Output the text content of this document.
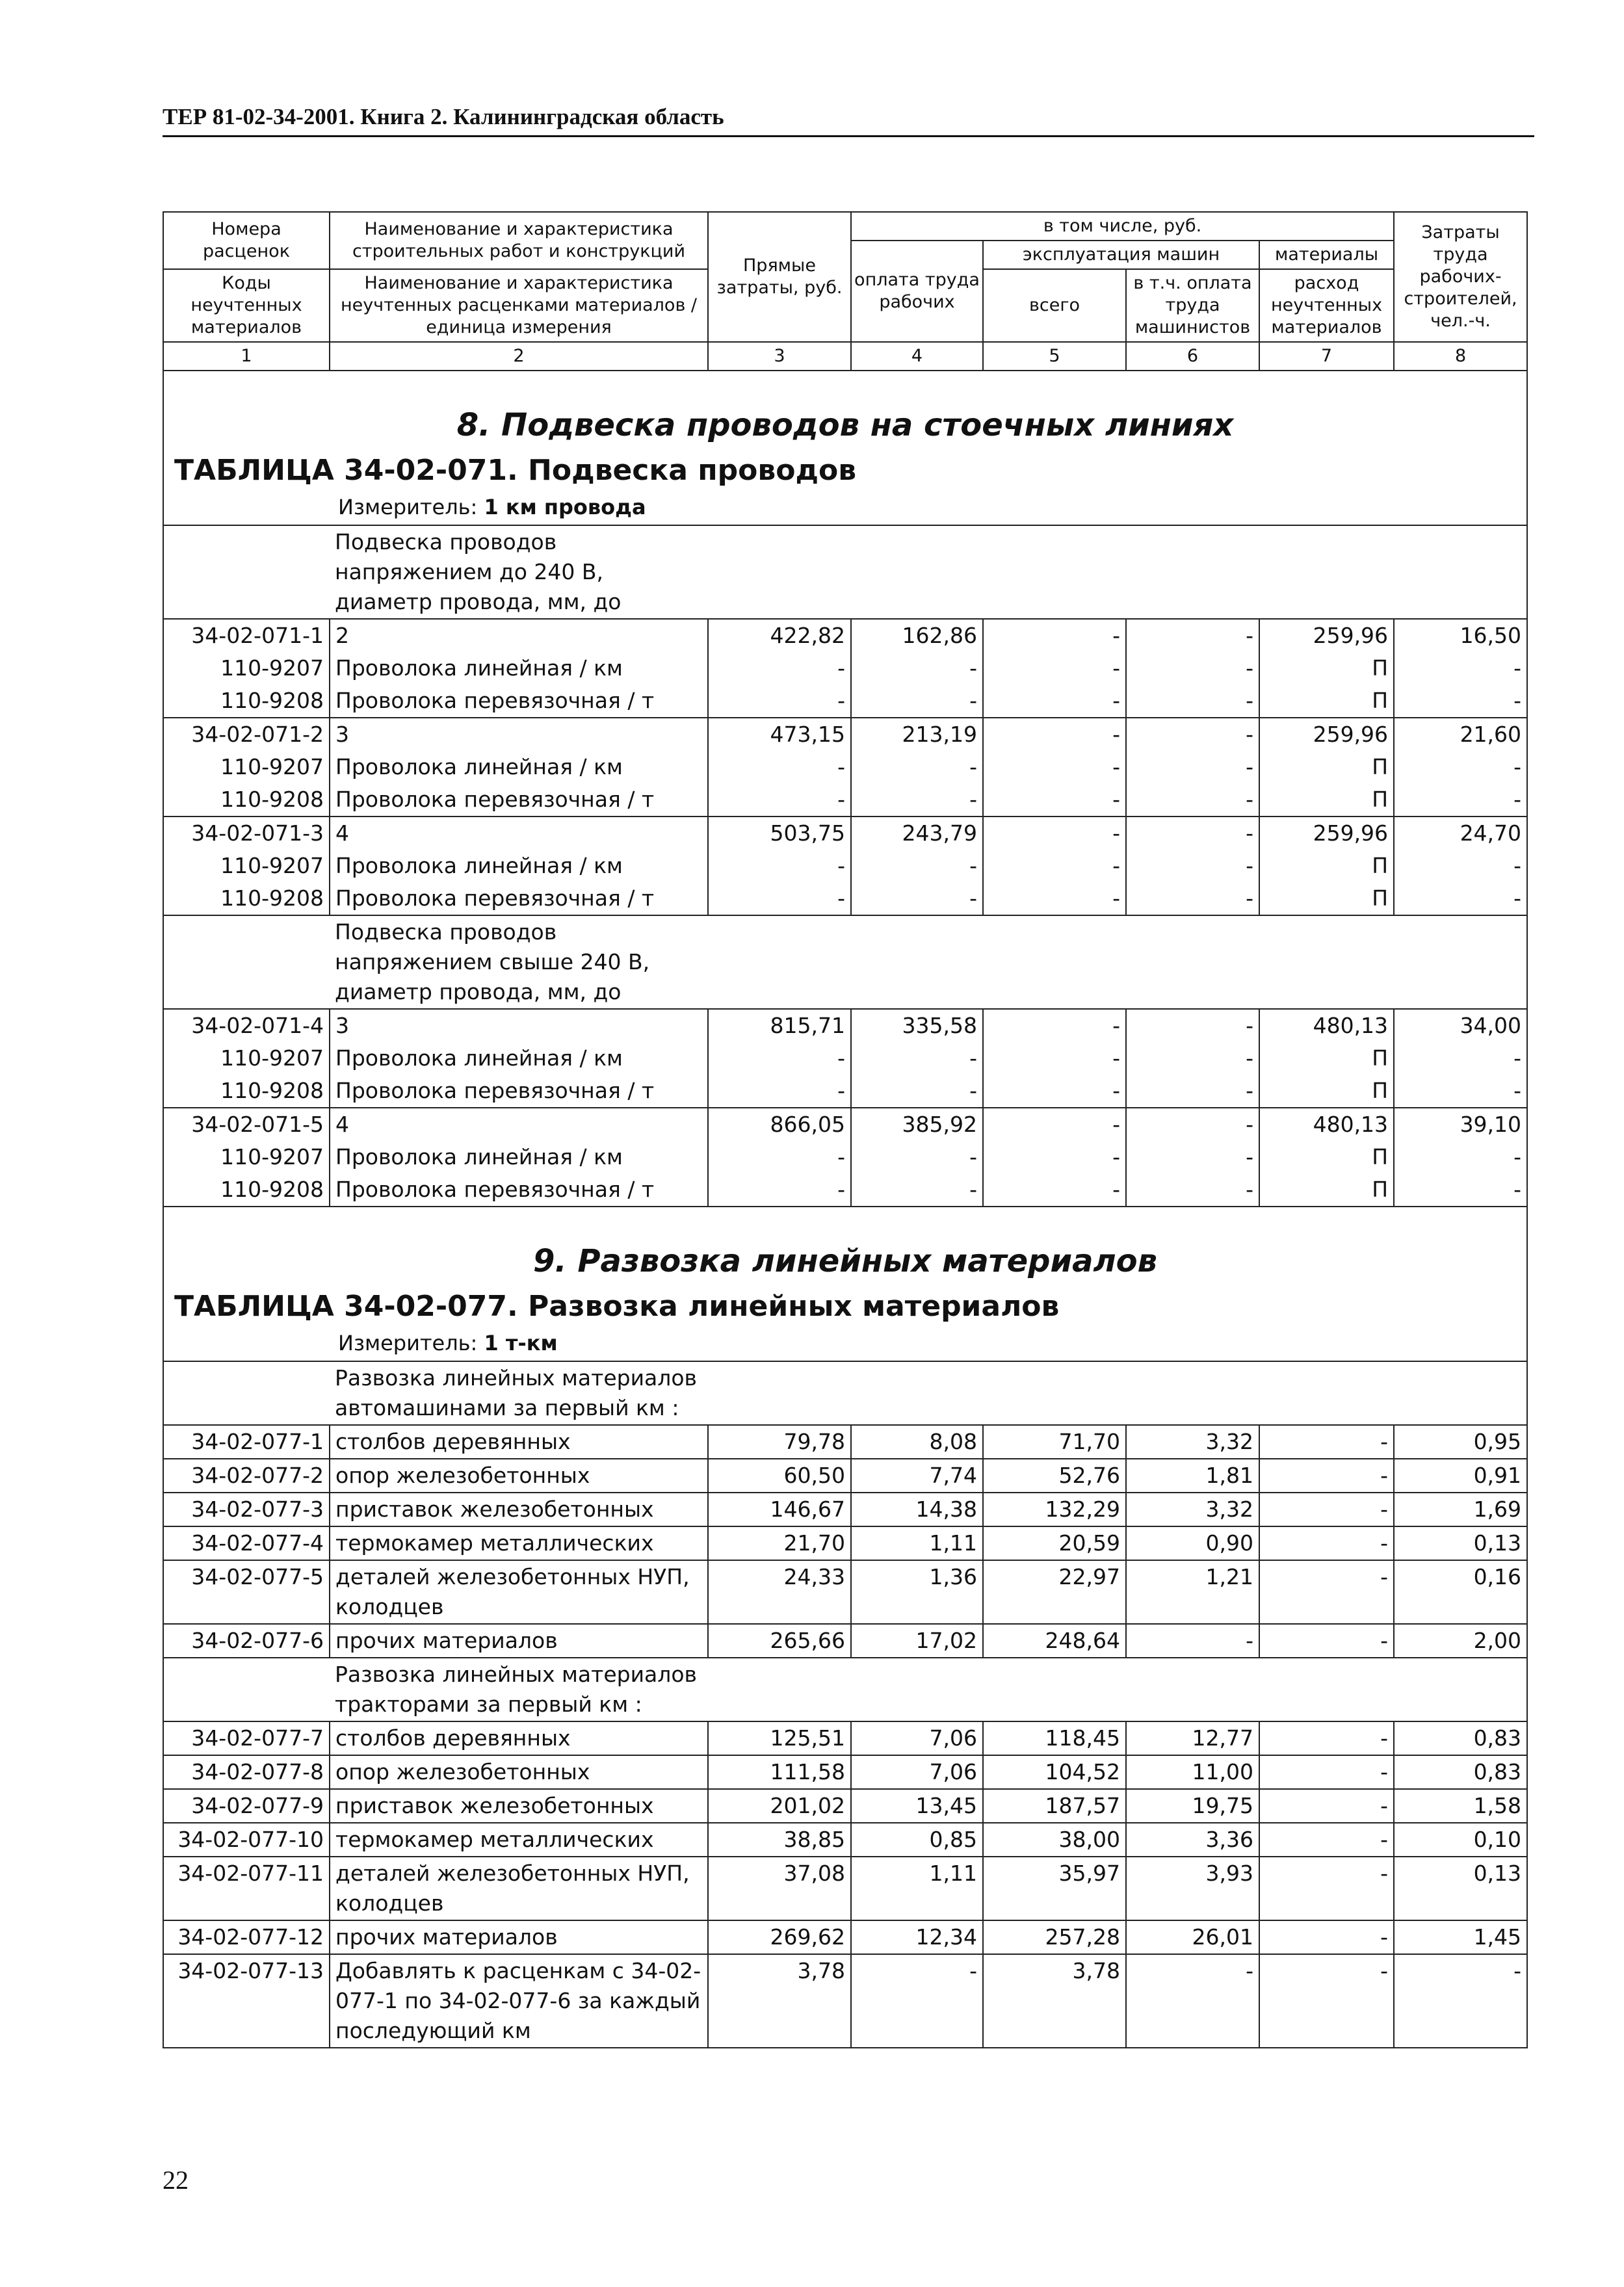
ТЕР 81-02-34-2001. Книга 2. Калининградская область
Номера расценок	Наименование и характеристика строительных работ и конструкций	Прямые затраты, руб.	в том числе, руб.				Затраты труда рабочих-строителей, чел.-ч.
			оплата труда рабочих	эксплуатация машин		материалы	
Коды неучтенных материалов	Наименование и характеристика неучтенных расценками материалов / единица измерения			всего	в т.ч. оплата труда машинистов	расход неучтенных материалов	

1	2	3	4	5	6	7	8

8. Подвеска проводов на стоечных линиях
ТАБЛИЦА 34-02-071. Подвеска проводов
Измеритель: 1 км провода							

	Подвеска проводов напряжением до 240 В, диаметр провода, мм, до						
34-02-071-1	2	422,82	162,86	-	-	259,96	16,50
110-9207	Проволока линейная / км	-	-	-	-	П	-
110-9208	Проволока перевязочная / т	-	-	-	-	П	-
34-02-071-2	3	473,15	213,19	-	-	259,96	21,60
110-9207	Проволока линейная / км	-	-	-	-	П	-
110-9208	Проволока перевязочная / т	-	-	-	-	П	-
34-02-071-3	4	503,75	243,79	-	-	259,96	24,70
110-9207	Проволока линейная / км	-	-	-	-	П	-
110-9208	Проволока перевязочная / т	-	-	-	-	П	-
	Подвеска проводов напряжением свыше 240 В, диаметр провода, мм, до						
34-02-071-4	3	815,71	335,58	-	-	480,13	34,00
110-9207	Проволока линейная / км	-	-	-	-	П	-
110-9208	Проволока перевязочная / т	-	-	-	-	П	-
34-02-071-5	4	866,05	385,92	-	-	480,13	39,10
110-9207	Проволока линейная / км	-	-	-	-	П	-
110-9208	Проволока перевязочная / т	-	-	-	-	П	-

9. Развозка линейных материалов
ТАБЛИЦА 34-02-077. Развозка линейных материалов
Измеритель: 1 т-км							

	Развозка линейных материалов автомашинами за первый км :						
34-02-077-1	столбов деревянных	79,78	8,08	71,70	3,32	-	0,95
34-02-077-2	опор железобетонных	60,50	7,74	52,76	1,81	-	0,91
34-02-077-3	приставок железобетонных	146,67	14,38	132,29	3,32	-	1,69
34-02-077-4	термокамер металлических	21,70	1,11	20,59	0,90	-	0,13
34-02-077-5	деталей железобетонных НУП, колодцев	24,33	1,36	22,97	1,21	-	0,16
34-02-077-6	прочих материалов	265,66	17,02	248,64	-	-	2,00
	Развозка линейных материалов тракторами за первый км :						
34-02-077-7	столбов деревянных	125,51	7,06	118,45	12,77	-	0,83
34-02-077-8	опор железобетонных	111,58	7,06	104,52	11,00	-	0,83
34-02-077-9	приставок железобетонных	201,02	13,45	187,57	19,75	-	1,58
34-02-077-10	термокамер металлических	38,85	0,85	38,00	3,36	-	0,10
34-02-077-11	деталей железобетонных НУП, колодцев	37,08	1,11	35,97	3,93	-	0,13
34-02-077-12	прочих материалов	269,62	12,34	257,28	26,01	-	1,45
34-02-077-13	Добавлять к расценкам с 34-02-077-1 по 34-02-077-6 за каждый последующий км	3,78	-	3,78	-	-	-
22
